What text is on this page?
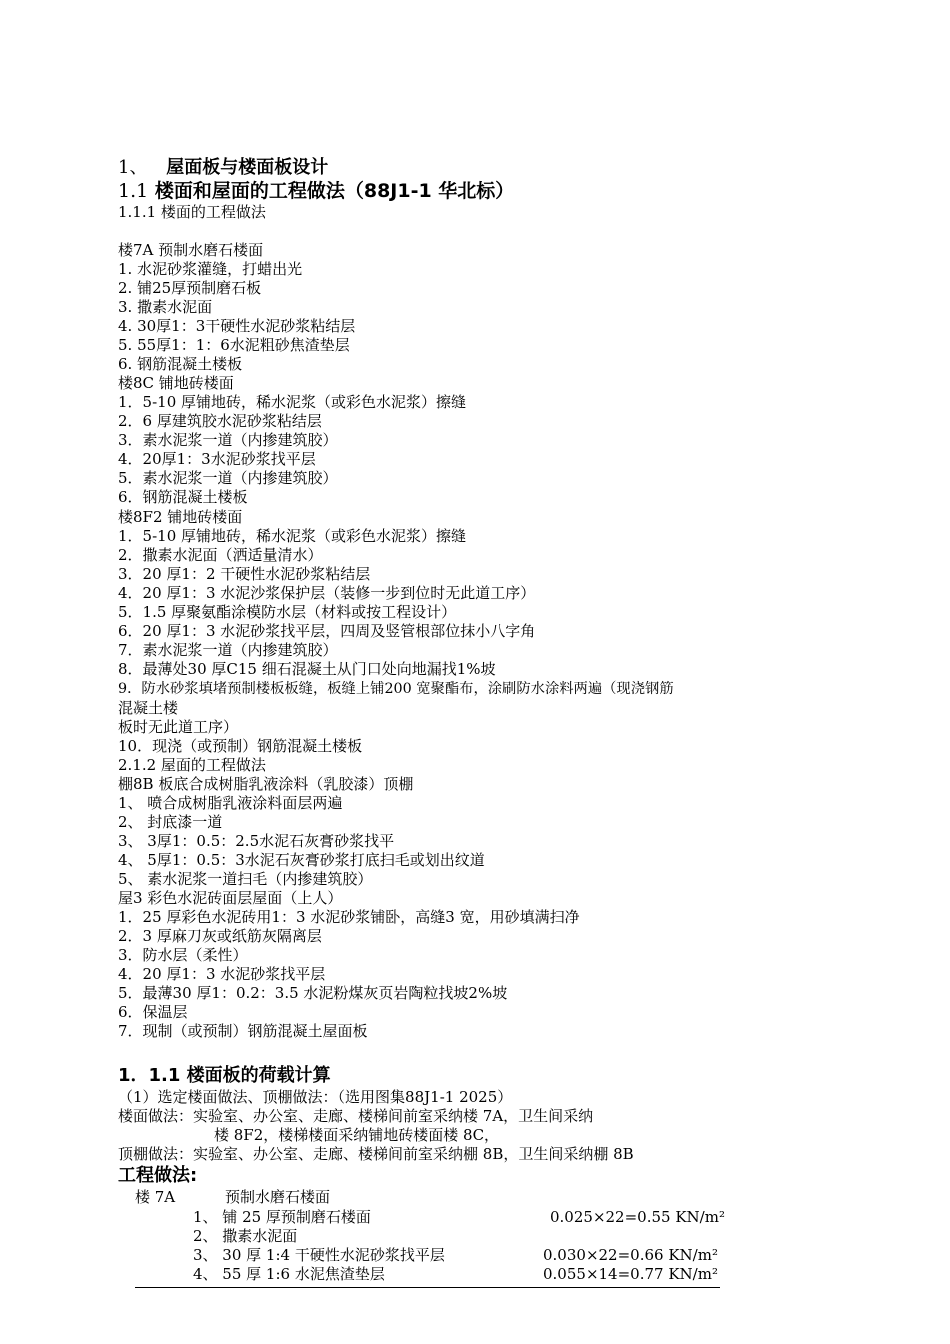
1、 屋面板与楼面板设计
1.1 楼面和屋面的工程做法（88J1-1 华北标）
1.1.1 楼面的工程做法
楼7A 预制水磨石楼面
1. 水泥砂浆灌缝，打蜡出光
2. 铺25厚预制磨石板
3. 撒素水泥面
4. 30厚1：3干硬性水泥砂浆粘结层
5. 55厚1：1：6水泥粗砂焦渣垫层
6. 钢筋混凝土楼板
楼8C 铺地砖楼面
1．5-10 厚铺地砖，稀水泥浆（或彩色水泥浆）擦缝
2．6 厚建筑胶水泥砂浆粘结层
3．素水泥浆一道（内掺建筑胶）
4．20厚1：3水泥砂浆找平层
5．素水泥浆一道（内掺建筑胶）
6．钢筋混凝土楼板
楼8F2 铺地砖楼面
1．5-10 厚铺地砖，稀水泥浆（或彩色水泥浆）擦缝
2．撒素水泥面（洒适量清水）
3．20 厚1：2 干硬性水泥砂浆粘结层
4．20 厚1：3 水泥沙浆保护层（装修一步到位时无此道工序）
5．1.5 厚聚氨酯涂模防水层（材料或按工程设计）
6．20 厚1：3 水泥砂浆找平层，四周及竖管根部位抹小八字角
7．素水泥浆一道（内掺建筑胶）
8．最薄处30 厚C15 细石混凝土从门口处向地漏找1%坡
9．防水砂浆填堵预制楼板板缝，板缝上铺200 宽聚酯布，涂刷防水涂料两遍（现浇钢筋
混凝土楼
板时无此道工序）
10．现浇（或预制）钢筋混凝土楼板
2.1.2 屋面的工程做法
棚8B 板底合成树脂乳液涂料（乳胶漆）顶棚
1、 喷合成树脂乳液涂料面层两遍
2、 封底漆一道
3、 3厚1：0.5：2.5水泥石灰膏砂浆找平
4、 5厚1：0.5：3水泥石灰膏砂浆打底扫毛或划出纹道
5、 素水泥浆一道扫毛（内掺建筑胶）
屋3 彩色水泥砖面层屋面（上人）
1．25 厚彩色水泥砖用1：3 水泥砂浆铺卧，高缝3 宽，用砂填满扫净
2．3 厚麻刀灰或纸筋灰隔离层
3．防水层（柔性）
4．20 厚1：3 水泥砂浆找平层
5．最薄30 厚1：0.2：3.5 水泥粉煤灰页岩陶粒找坡2%坡
6．保温层
7．现制（或预制）钢筋混凝土屋面板
1．1.1 楼面板的荷载计算
（1）选定楼面做法、顶棚做法：（选用图集88J1-1 2025）
楼面做法：实验室、办公室、走廊、楼梯间前室采纳楼 7A，卫生间采纳
楼 8F2，楼梯楼面采纳铺地砖楼面楼 8C，
顶棚做法：实验室、办公室、走廊、楼梯间前室采纳棚 8B，卫生间采纳棚 8B
工程做法:
楼 7A	预制水磨石楼面
1、 铺 25 厚预制磨石楼面	0.025×22=0.55 KN/m²
2、 撒素水泥面
3、 30 厚 1:4 干硬性水泥砂浆找平层	0.030×22=0.66 KN/m²
4、 55 厚 1:6 水泥焦渣垫层	0.055×14=0.77 KN/m²
